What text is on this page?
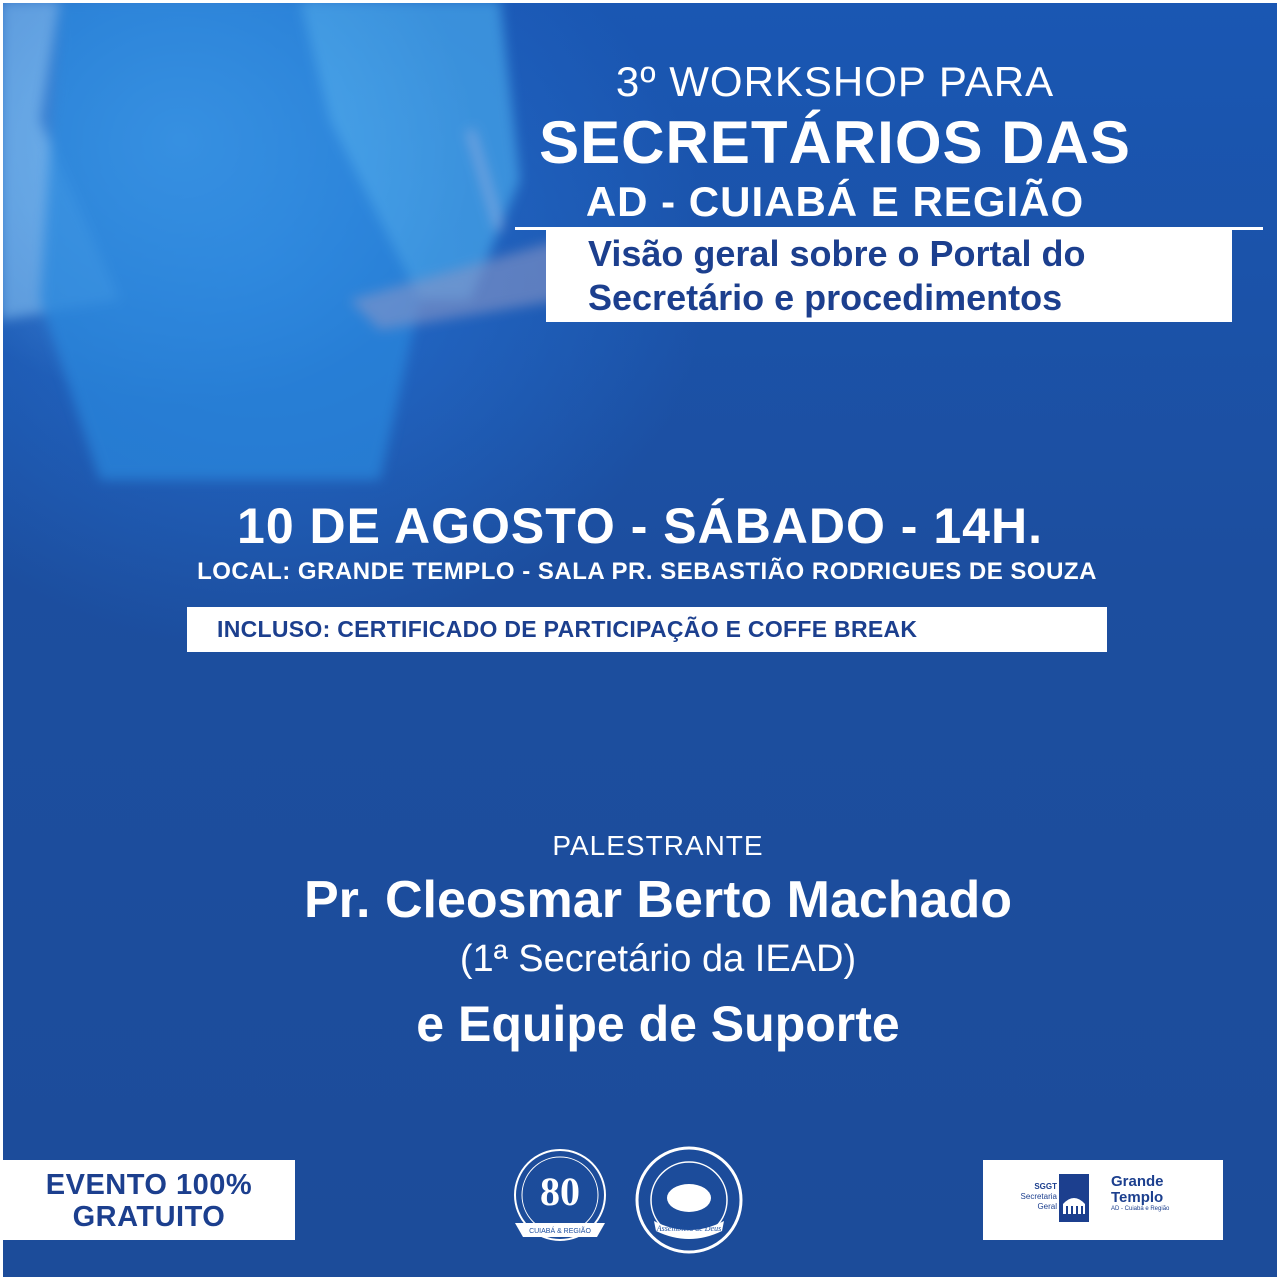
3º WORKSHOP PARA
SECRETÁRIOS DAS
AD - CUIABÁ E REGIÃO
Visão geral sobre o Portal do
Secretário e procedimentos
10 DE AGOSTO - SÁBADO - 14H.
LOCAL: GRANDE TEMPLO - SALA PR. SEBASTIÃO RODRIGUES DE SOUZA
INCLUSO: CERTIFICADO DE PARTICIPAÇÃO E COFFE BREAK
PALESTRANTE
Pr. Cleosmar Berto Machado
(1ª Secretário da IEAD)
e Equipe de Suporte
EVENTO 100%
GRATUITO
80
CUIABÁ & REGIÃO	Assembléia de Deus
SGGT
Secretaria
Geral
Grande
Templo
AD - Cuiabá e Região
